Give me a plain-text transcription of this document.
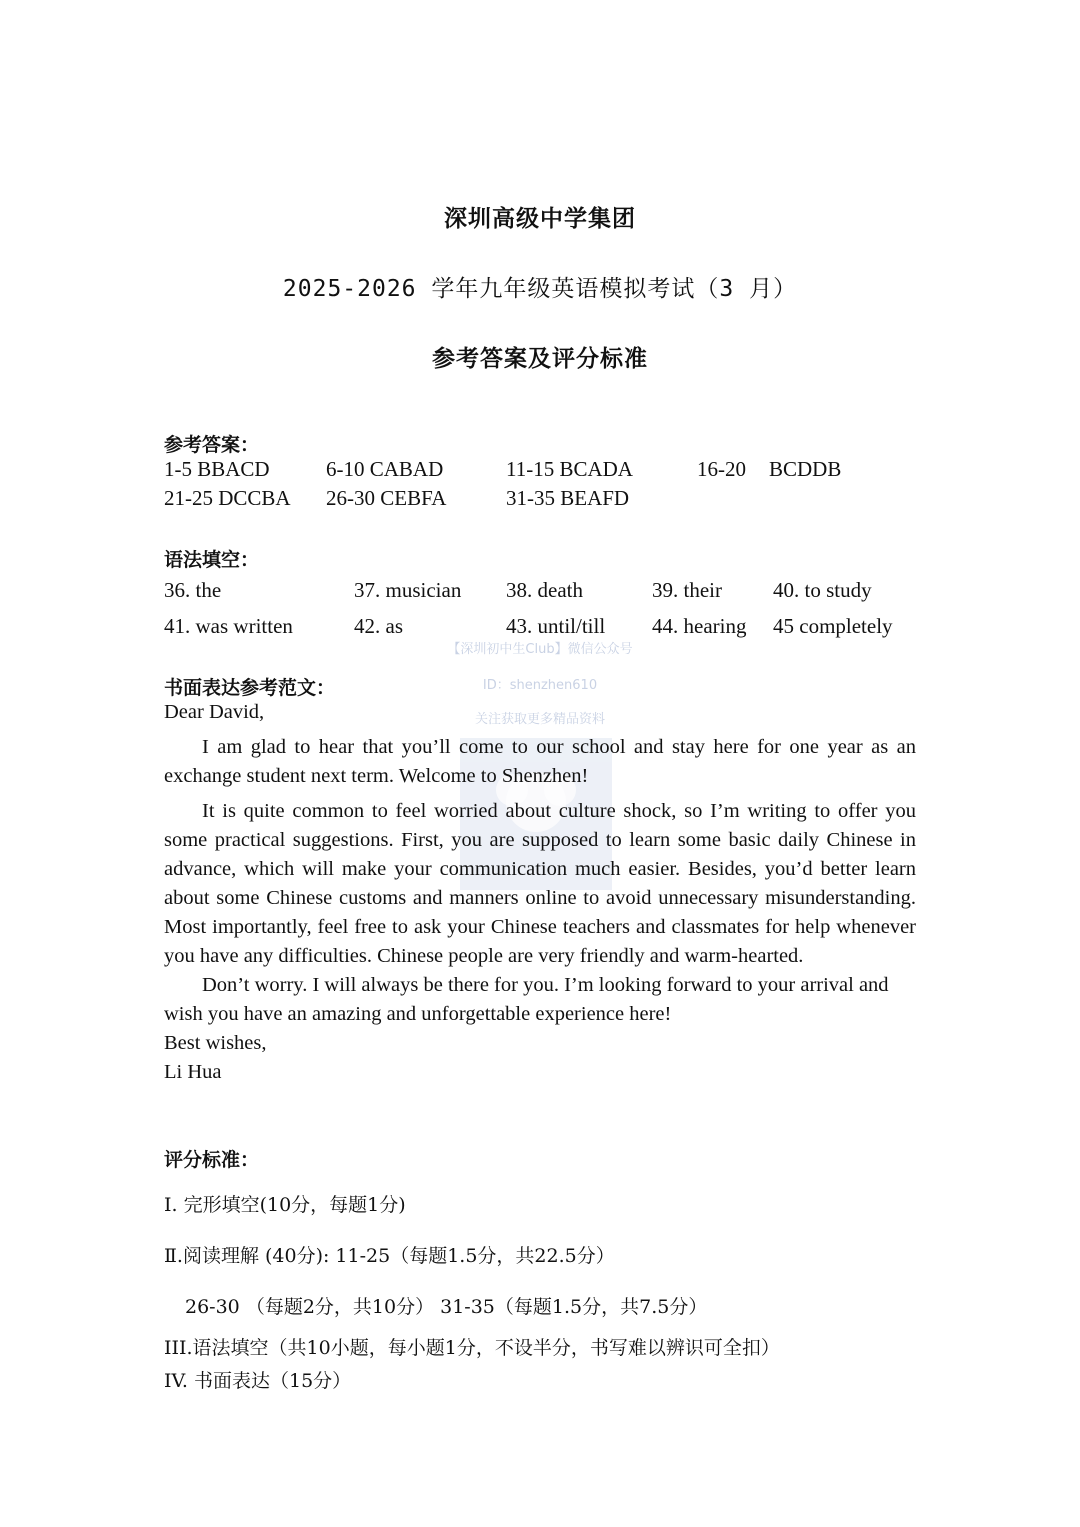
【深圳初中生Club】微信公众号
ID：shenzhen610
关注获取更多精品资料
深圳高级中学集团
2025-2026 学年九年级英语模拟考试（3 月）
参考答案及评分标准
参考答案：
1-5 BBACD	6-10 CABAD	11-15 BCADA	16-20 BCDDB
21-25 DCCBA 26-30 CEBFA	31-35 BEAFD
语法填空：
36. the	37. musician 38. death	39. their 40. to study
41. was written	42. as	43. until/till 44. hearing 45 completely
书面表达参考范文：

Dear David,

I am glad to hear that you’ll come to our school and stay here for one year as an exchange student next term. Welcome to Shenzhen!

It is quite common to feel worried about culture shock, so I’m writing to offer you some practical suggestions. First, you are supposed to learn some basic daily Chinese in advance, which will make your communication much easier. Besides, you’d better learn about some Chinese customs and manners online to avoid unnecessary misunderstanding. Most importantly, feel free to ask your Chinese teachers and classmates for help whenever you have any difficulties. Chinese people are very friendly and warm-hearted.

Don’t worry. I will always be there for you. I’m looking forward to your arrival and wish you have an amazing and unforgettable experience here!

Best wishes,

Li Hua

评分标准：
I. 完形填空(10分，每题1分)
Ⅱ.阅读理解 (40分): 11-25（每题1.5分，共22.5分）
26-30 （每题2分，共10分） 31-35（每题1.5分，共7.5分）
III.语法填空（共10小题，每小题1分，不设半分，书写难以辨识可全扣）
IV. 书面表达（15分）
